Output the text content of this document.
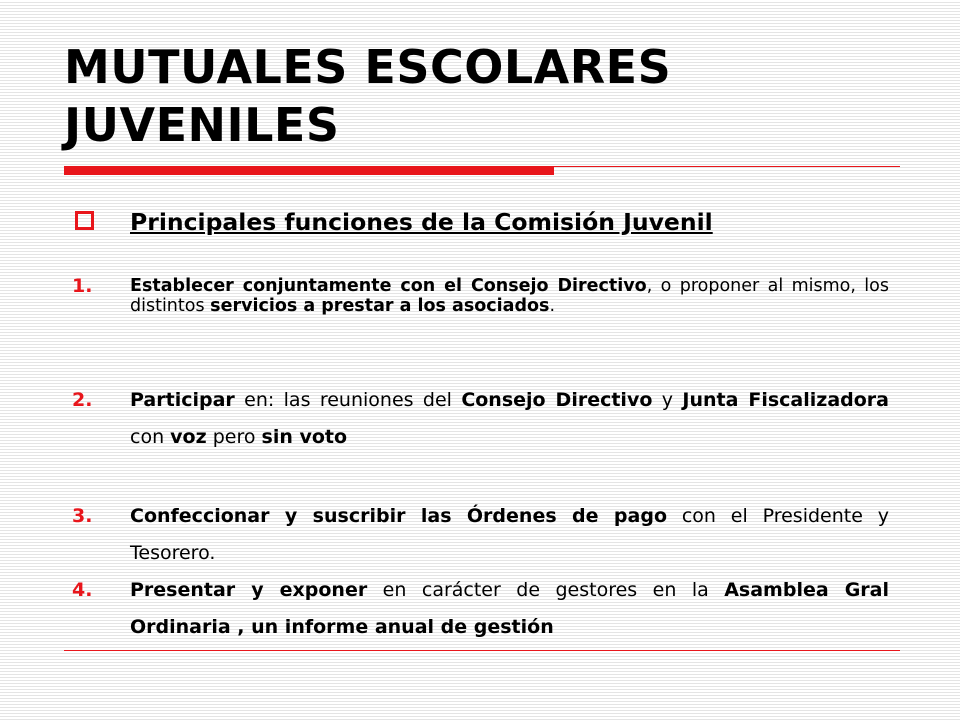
MUTUALES ESCOLARES JUVENILES
Principales funciones de la Comisión Juvenil
1. Establecer conjuntamente con el Consejo Directivo, o proponer al mismo, los distintos servicios a prestar a los asociados.
2. Participar en: las reuniones del Consejo Directivo y Junta Fiscalizadora con voz pero sin voto
3. Confeccionar y suscribir las Órdenes de pago con el Presidente y Tesorero.
4. Presentar y exponer en carácter de gestores en la Asamblea Gral Ordinaria , un informe anual de gestión
